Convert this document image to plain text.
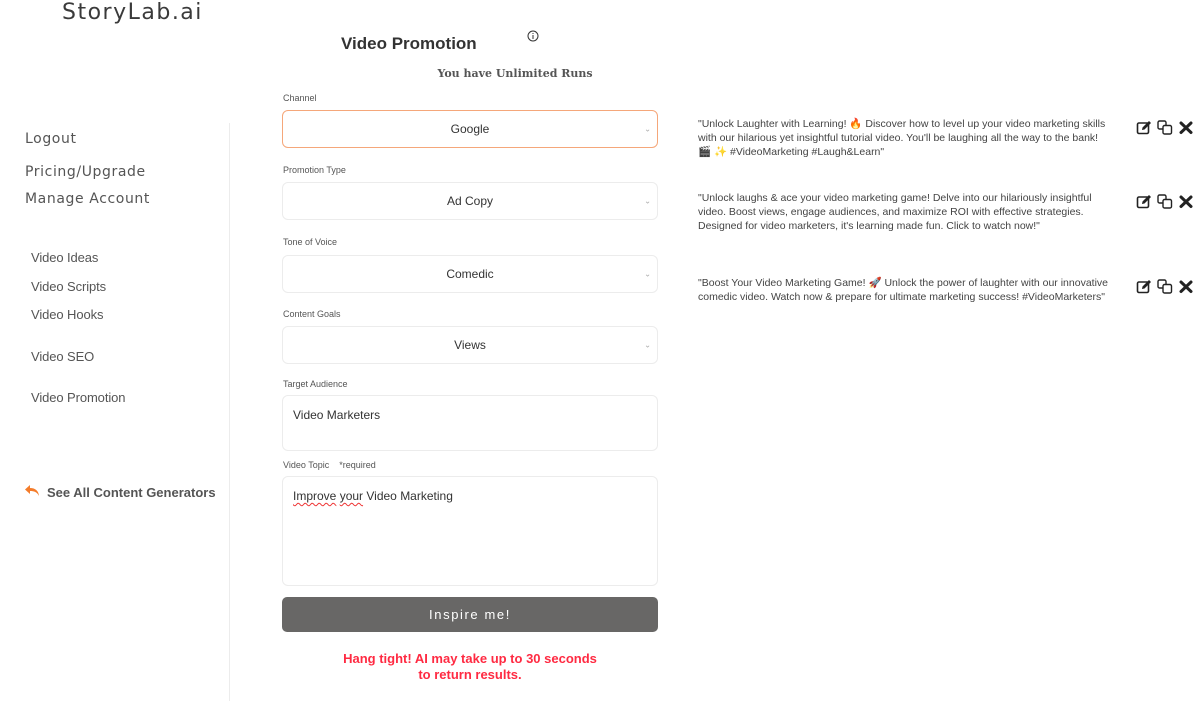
StoryLab.ai
Logout
Pricing/Upgrade
Manage Account
Video Ideas
Video Scripts
Video Hooks
Video SEO
Video Promotion
See All Content Generators
Video Promotion
You have Unlimited Runs
Channel
Google	⌄
Promotion Type
Ad Copy	⌄
Tone of Voice
Comedic	⌄
Content Goals
Views	⌄
Target Audience
Video Marketers
Video Topic *required
Improve your Video Marketing
Inspire me!
Hang tight! AI may take up to 30 seconds
to return results.
"Unlock Laughter with Learning! 🔥 Discover how to level up your video marketing skills with our hilarious yet insightful tutorial video. You'll be laughing all the way to the bank! 🎬 ✨ #VideoMarketing #Laugh&Learn"
"Unlock laughs & ace your video marketing game! Delve into our hilariously insightful video. Boost views, engage audiences, and maximize ROI with effective strategies. Designed for video marketers, it's learning made fun. Click to watch now!"
"Boost Your Video Marketing Game! 🚀 Unlock the power of laughter with our innovative comedic video. Watch now & prepare for ultimate marketing success! #VideoMarketers"
